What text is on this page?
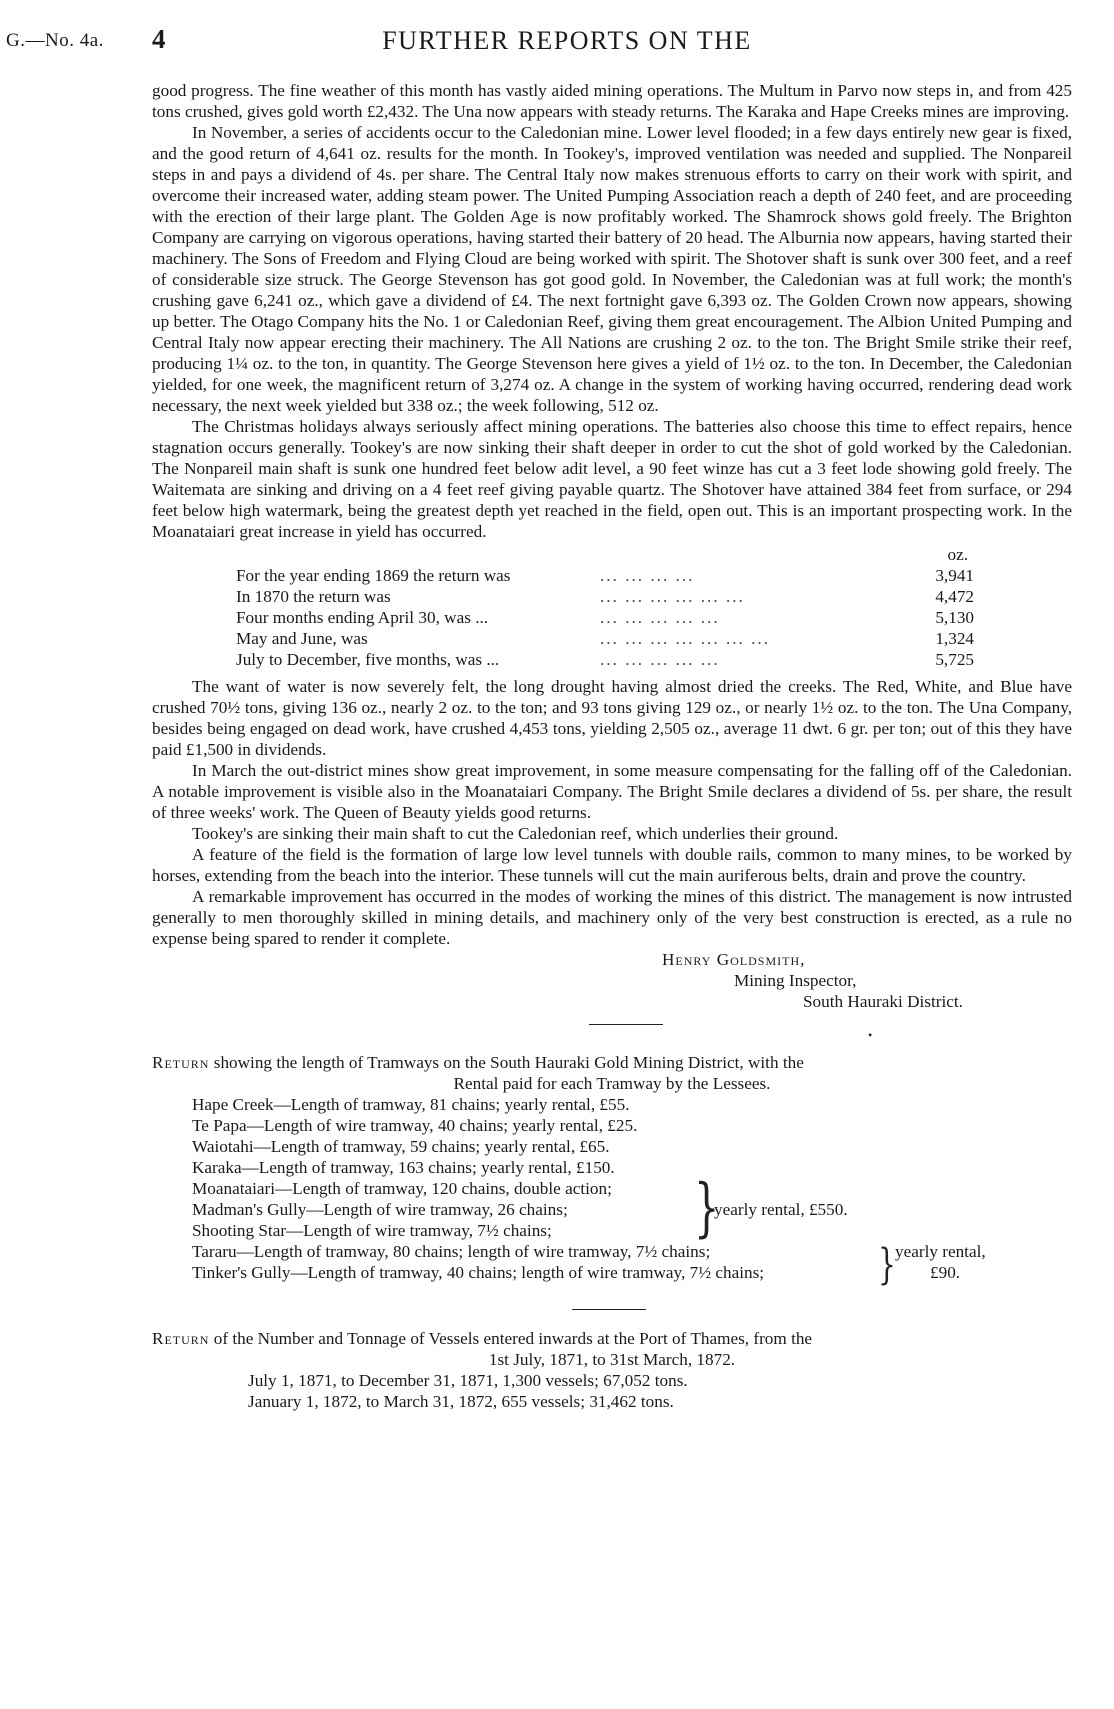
G.—No. 4a. 4	FURTHER REPORTS ON THE

good progress. The fine weather of this month has vastly aided mining operations. The Multum in Parvo now steps in, and from 425 tons crushed, gives gold worth £2,432. The Una now appears with steady returns. The Karaka and Hape Creeks mines are improving.

In November, a series of accidents occur to the Caledonian mine. Lower level flooded; in a few days entirely new gear is fixed, and the good return of 4,641 oz. results for the month. In Tookey's, improved ventilation was needed and supplied. The Nonpareil steps in and pays a dividend of 4s. per share. The Central Italy now makes strenuous efforts to carry on their work with spirit, and overcome their increased water, adding steam power. The United Pumping Association reach a depth of 240 feet, and are proceeding with the erection of their large plant. The Golden Age is now profitably worked. The Shamrock shows gold freely. The Brighton Company are carrying on vigorous operations, having started their battery of 20 head. The Alburnia now appears, having started their machinery. The Sons of Freedom and Flying Cloud are being worked with spirit. The Shotover shaft is sunk over 300 feet, and a reef of considerable size struck. The George Stevenson has got good gold. In November, the Caledonian was at full work; the month's crushing gave 6,241 oz., which gave a dividend of £4. The next fortnight gave 6,393 oz. The Golden Crown now appears, showing up better. The Otago Company hits the No. 1 or Caledonian Reef, giving them great encouragement. The Albion United Pumping and Central Italy now appear erecting their machinery. The All Nations are crushing 2 oz. to the ton. The Bright Smile strike their reef, producing 1¼ oz. to the ton, in quantity. The George Stevenson here gives a yield of 1½ oz. to the ton. In December, the Caledonian yielded, for one week, the magnificent return of 3,274 oz. A change in the system of working having occurred, rendering dead work necessary, the next week yielded but 338 oz.; the week following, 512 oz.

The Christmas holidays always seriously affect mining operations. The batteries also choose this time to effect repairs, hence stagnation occurs generally. Tookey's are now sinking their shaft deeper in order to cut the shot of gold worked by the Caledonian. The Nonpareil main shaft is sunk one hundred feet below adit level, a 90 feet winze has cut a 3 feet lode showing gold freely. The Waitemata are sinking and driving on a 4 feet reef giving payable quartz. The Shotover have attained 384 feet from surface, or 294 feet below high watermark, being the greatest depth yet reached in the field, open out. This is an important prospecting work. In the Moanataiari great increase in yield has occurred.

oz.
For the year ending 1869 the return was	... ... ... ...	3,941
In 1870 the return was	... ... ... ... ... ...	4,472
Four months ending April 30, was ...	... ... ... ... ...	5,130
May and June, was	... ... ... ... ... ... ...	1,324
July to December, five months, was ...	... ... ... ... ...	5,725

The want of water is now severely felt, the long drought having almost dried the creeks. The Red, White, and Blue have crushed 70½ tons, giving 136 oz., nearly 2 oz. to the ton; and 93 tons giving 129 oz., or nearly 1½ oz. to the ton. The Una Company, besides being engaged on dead work, have crushed 4,453 tons, yielding 2,505 oz., average 11 dwt. 6 gr. per ton; out of this they have paid £1,500 in dividends.

In March the out-district mines show great improvement, in some measure compensating for the falling off of the Caledonian. A notable improvement is visible also in the Moanataiari Company. The Bright Smile declares a dividend of 5s. per share, the result of three weeks' work. The Queen of Beauty yields good returns.

Tookey's are sinking their main shaft to cut the Caledonian reef, which underlies their ground.

A feature of the field is the formation of large low level tunnels with double rails, common to many mines, to be worked by horses, extending from the beach into the interior. These tunnels will cut the main auriferous belts, drain and prove the country.

A remarkable improvement has occurred in the modes of working the mines of this district. The management is now intrusted generally to men thoroughly skilled in mining details, and machinery only of the very best construction is erected, as a rule no expense being spared to render it complete.

Henry Goldsmith,
Mining Inspector,
South Hauraki District.
•

Return showing the length of Tramways on the South Hauraki Gold Mining District, with the

Rental paid for each Tramway by the Lessees.

Hape Creek—Length of tramway, 81 chains; yearly rental, £55.
Te Papa—Length of wire tramway, 40 chains; yearly rental, £25.
Waiotahi—Length of tramway, 59 chains; yearly rental, £65.
Karaka—Length of tramway, 163 chains; yearly rental, £150.
Moanataiari—Length of tramway, 120 chains, double action;
Madman's Gully—Length of wire tramway, 26 chains;
Shooting Star—Length of wire tramway, 7½ chains;	}
yearly rental, £550.
Tararu—Length of tramway, 80 chains; length of wire tramway, 7½ chains;
Tinker's Gully—Length of tramway, 40 chains; length of wire tramway, 7½ chains;	} yearly rental,
£90.

Return of the Number and Tonnage of Vessels entered inwards at the Port of Thames, from the

1st July, 1871, to 31st March, 1872.

July 1, 1871, to December 31, 1871, 1,300 vessels; 67,052 tons.
January 1, 1872, to March 31, 1872, 655 vessels; 31,462 tons.
